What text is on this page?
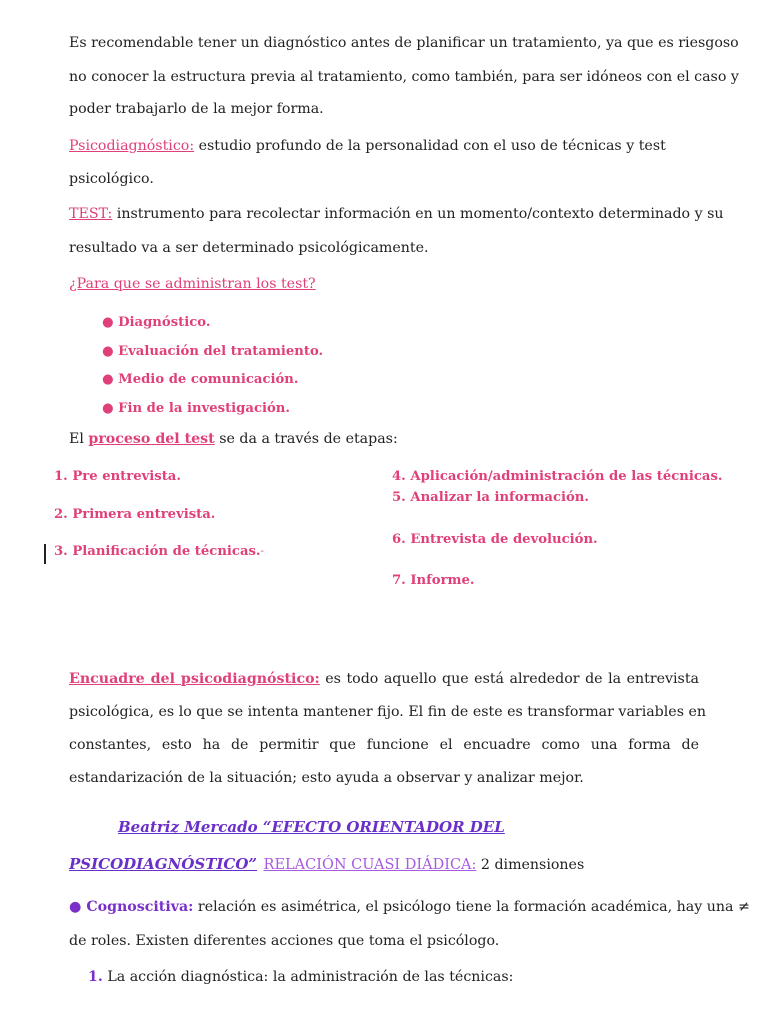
Es recomendable tener un diagnóstico antes de planificar un tratamiento, ya que es riesgoso
no conocer la estructura previa al tratamiento, como también, para ser idóneos con el caso y
poder trabajarlo de la mejor forma.
Psicodiagnóstico: estudio profundo de la personalidad con el uso de técnicas y test
psicológico.
TEST: instrumento para recolectar información en un momento/contexto determinado y su
resultado va a ser determinado psicológicamente.
¿Para que se administran los test?
● Diagnóstico.
● Evaluación del tratamiento.
● Medio de comunicación.
● Fin de la investigación.
El proceso del test se da a través de etapas:
1. Pre entrevista.
2. Primera entrevista.
3. Planificación de técnicas.-
4. Aplicación/administración de las técnicas.
5. Analizar la información.
6. Entrevista de devolución.
7. Informe.
Encuadre del psicodiagnóstico: es todo aquello que está alrededor de la entrevista
psicológica, es lo que se intenta mantener fijo. El fin de este es transformar variables en
constantes, esto ha de permitir que funcione el encuadre como una forma de
estandarización de la situación; esto ayuda a observar y analizar mejor.
Beatriz Mercado “EFECTO ORIENTADOR DEL
PSICODIAGNÓSTICO” RELACIÓN CUASI DIÁDICA: 2 dimensiones
● Cognoscitiva: relación es asimétrica, el psicólogo tiene la formación académica, hay una ≠
de roles. Existen diferentes acciones que toma el psicólogo.
1. La acción diagnóstica: la administración de las técnicas:
